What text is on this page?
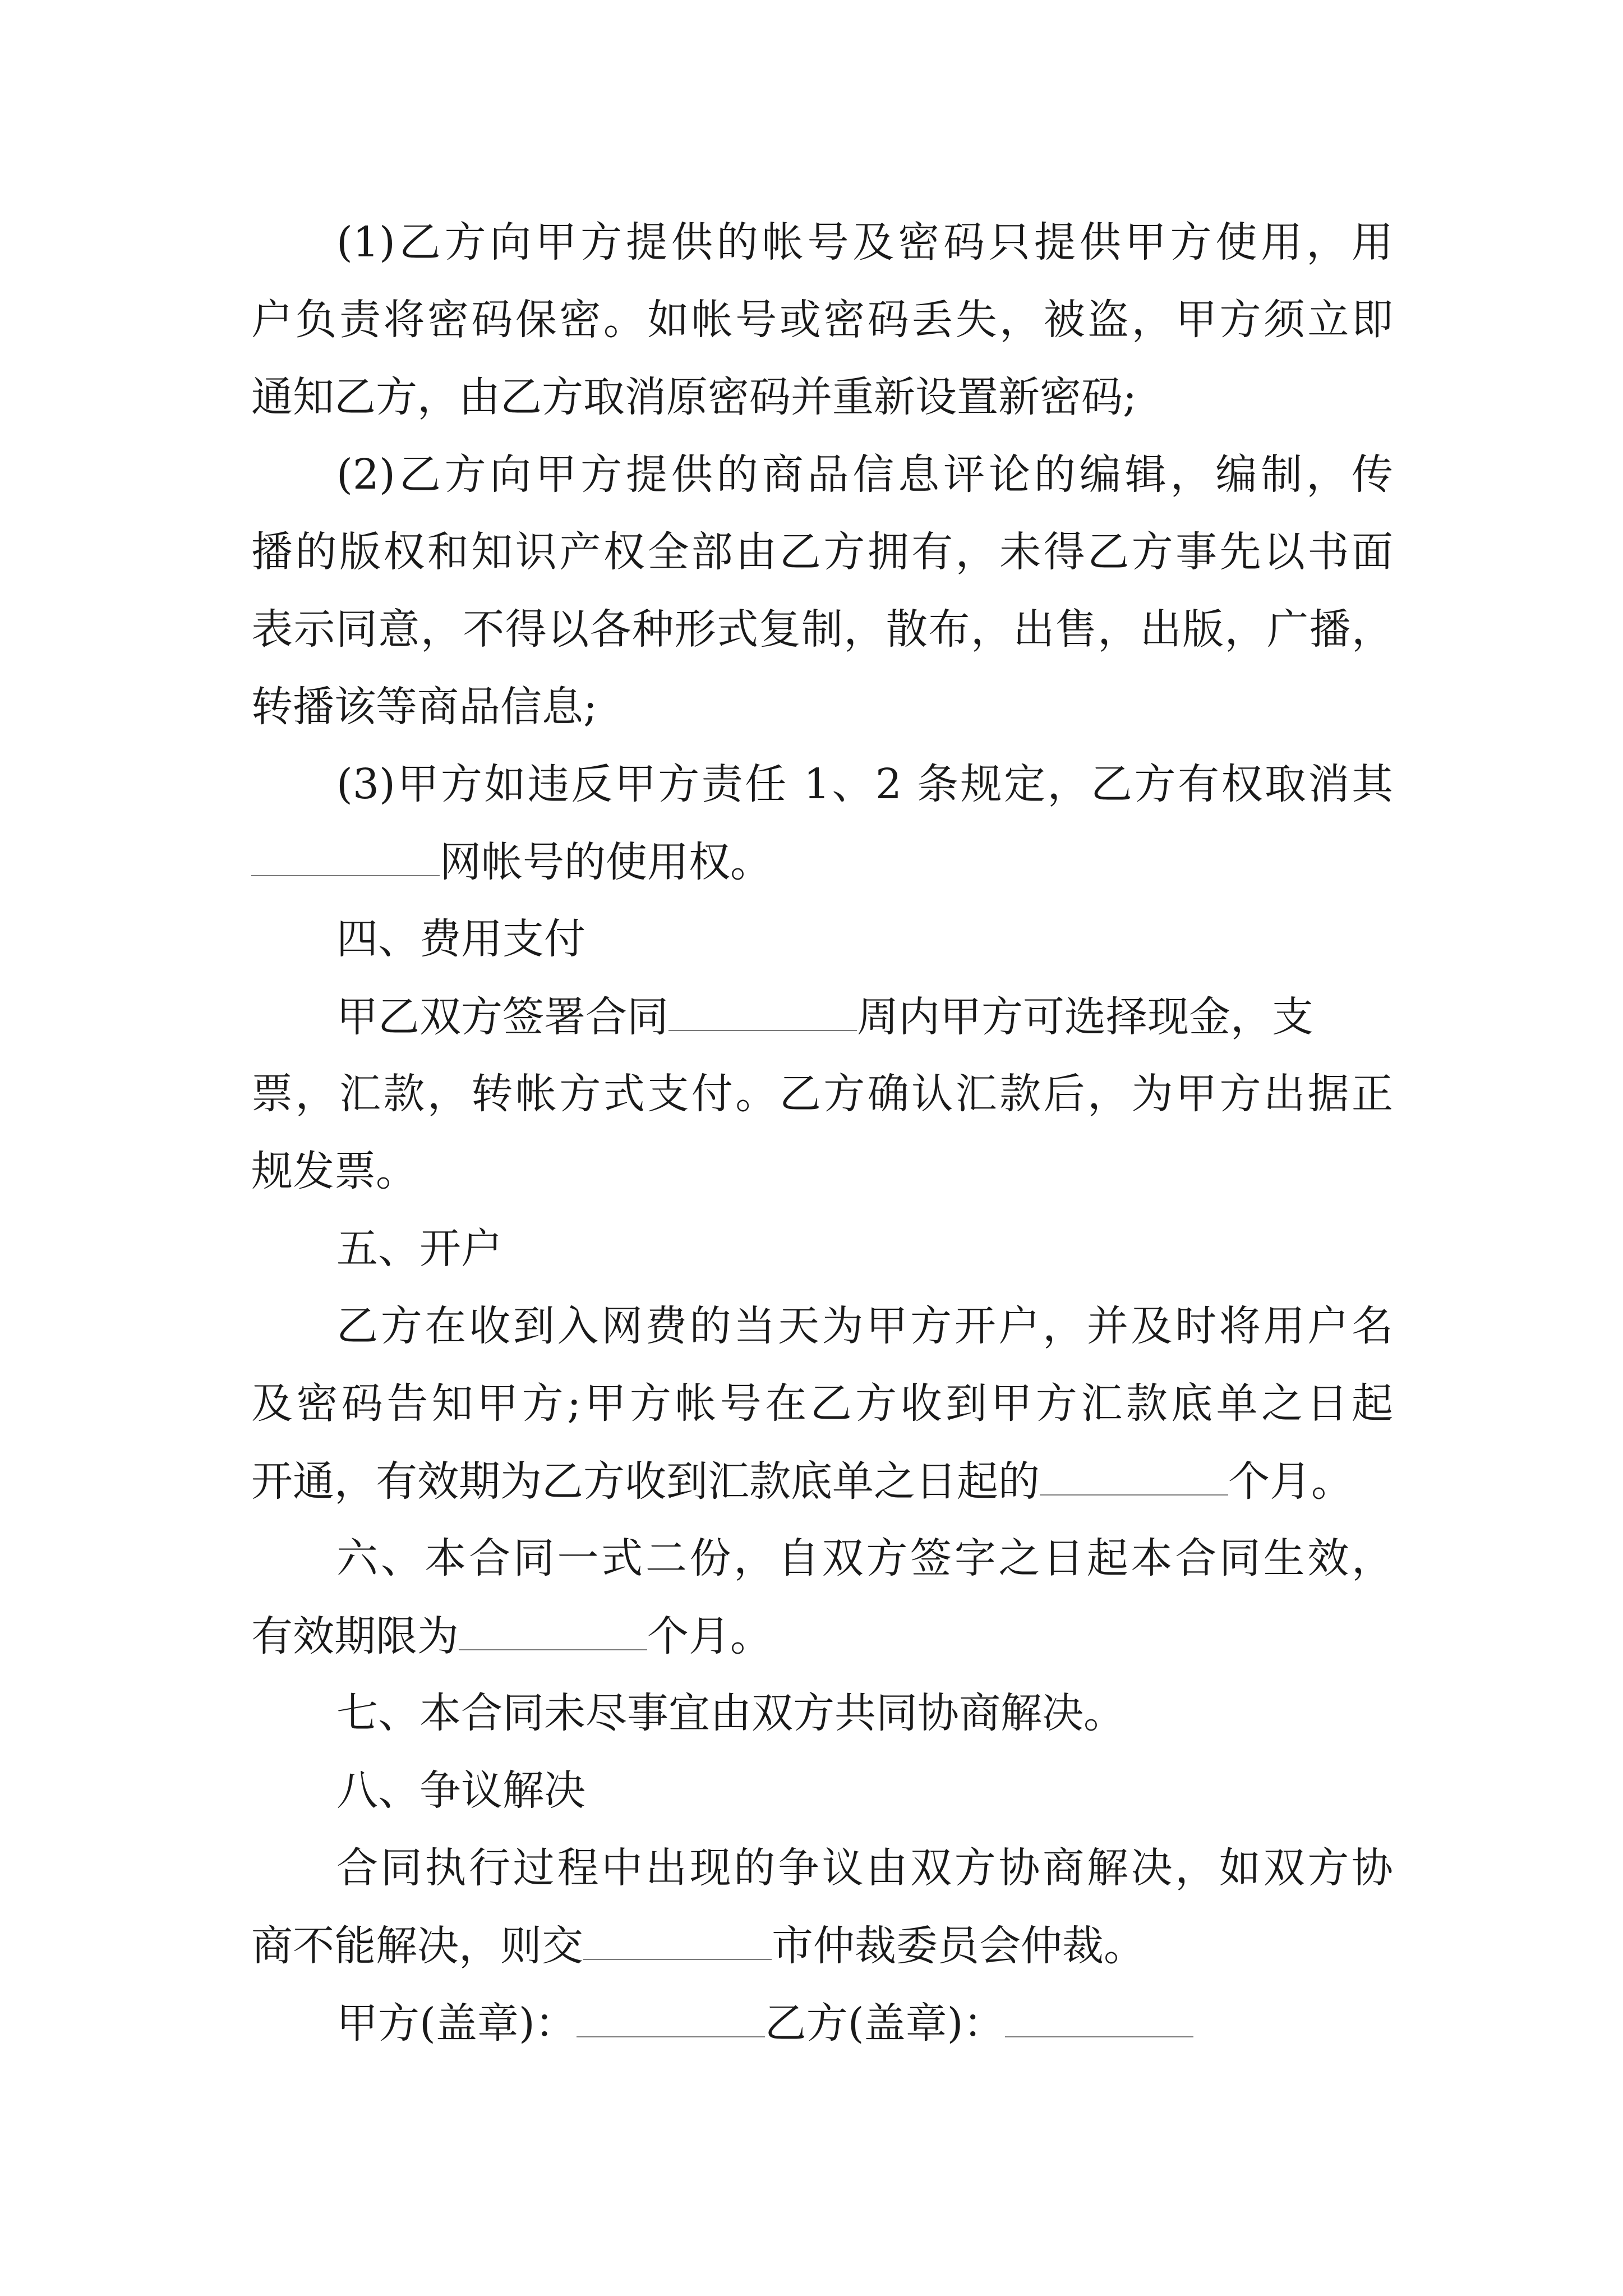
(1)乙方向甲方提供的帐号及密码只提供甲方使用，用
户负责将密码保密。如帐号或密码丢失，被盗，甲方须立即
通知乙方，由乙方取消原密码并重新设置新密码;
(2)乙方向甲方提供的商品信息评论的编辑，编制，传
播的版权和知识产权全部由乙方拥有，未得乙方事先以书面
表示同意，不得以各种形式复制，散布，出售，出版，广播，
转播该等商品信息;
(3)甲方如违反甲方责任 1、2 条规定，乙方有权取消其
网帐号的使用权。
四、费用支付
甲乙双方签署合同	周内甲方可选择现金，支
票，汇款，转帐方式支付。乙方确认汇款后，为甲方出据正
规发票。
五、开户
乙方在收到入网费的当天为甲方开户，并及时将用户名
及密码告知甲方;甲方帐号在乙方收到甲方汇款底单之日起
开通，有效期为乙方收到汇款底单之日起的	个月。
六、本合同一式二份，自双方签字之日起本合同生效，
有效期限为	个月。
七、本合同未尽事宜由双方共同协商解决。
八、争议解决
合同执行过程中出现的争议由双方协商解决，如双方协
商不能解决，则交	市仲裁委员会仲裁。
甲方(盖章)：	乙方(盖章)：
